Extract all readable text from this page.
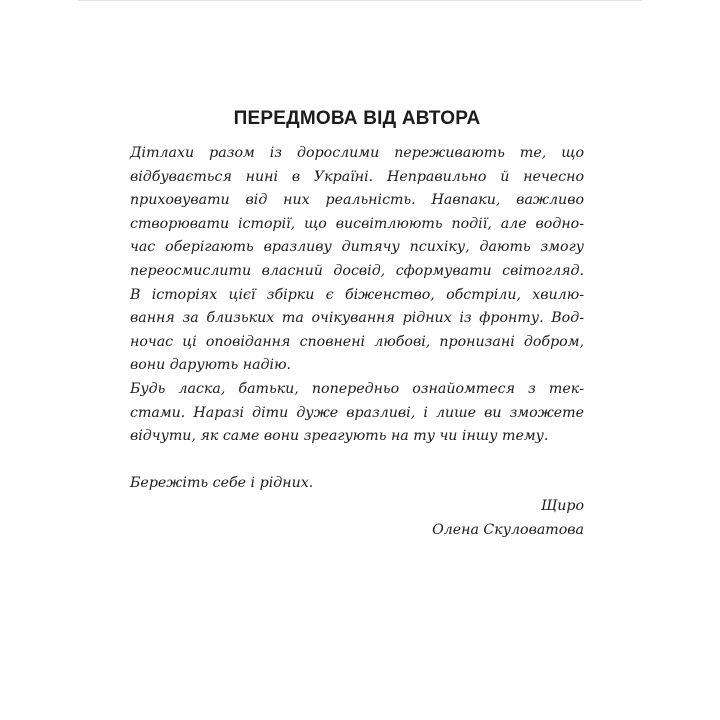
ПЕРЕДМОВА ВІД АВТОРА

Дітлахи разом із дорослими переживають те, що
відбувається нині в Україні. Неправильно й нечесно
приховувати від них реальність. Навпаки, важливо
створювати історії, що висвітлюють події, але водно-
час оберігають вразливу дитячу психіку, дають змогу
переосмислити власний досвід, сформувати світогляд.

В історіях цієї збірки є біженство, обстріли, хвилю-
вання за близьких та очікування рідних із фронту. Вод-
ночас ці оповідання сповнені любові, пронизані добром,
вони дарують надію.

Будь ласка, батьки, попередньо ознайомтеся з тек-
стами. Наразі діти дуже вразливі, і лише ви зможете
відчути, як саме вони зреагують на ту чи іншу тему.

Бережіть себе і рідних.

Щиро

Олена Скуловатова
